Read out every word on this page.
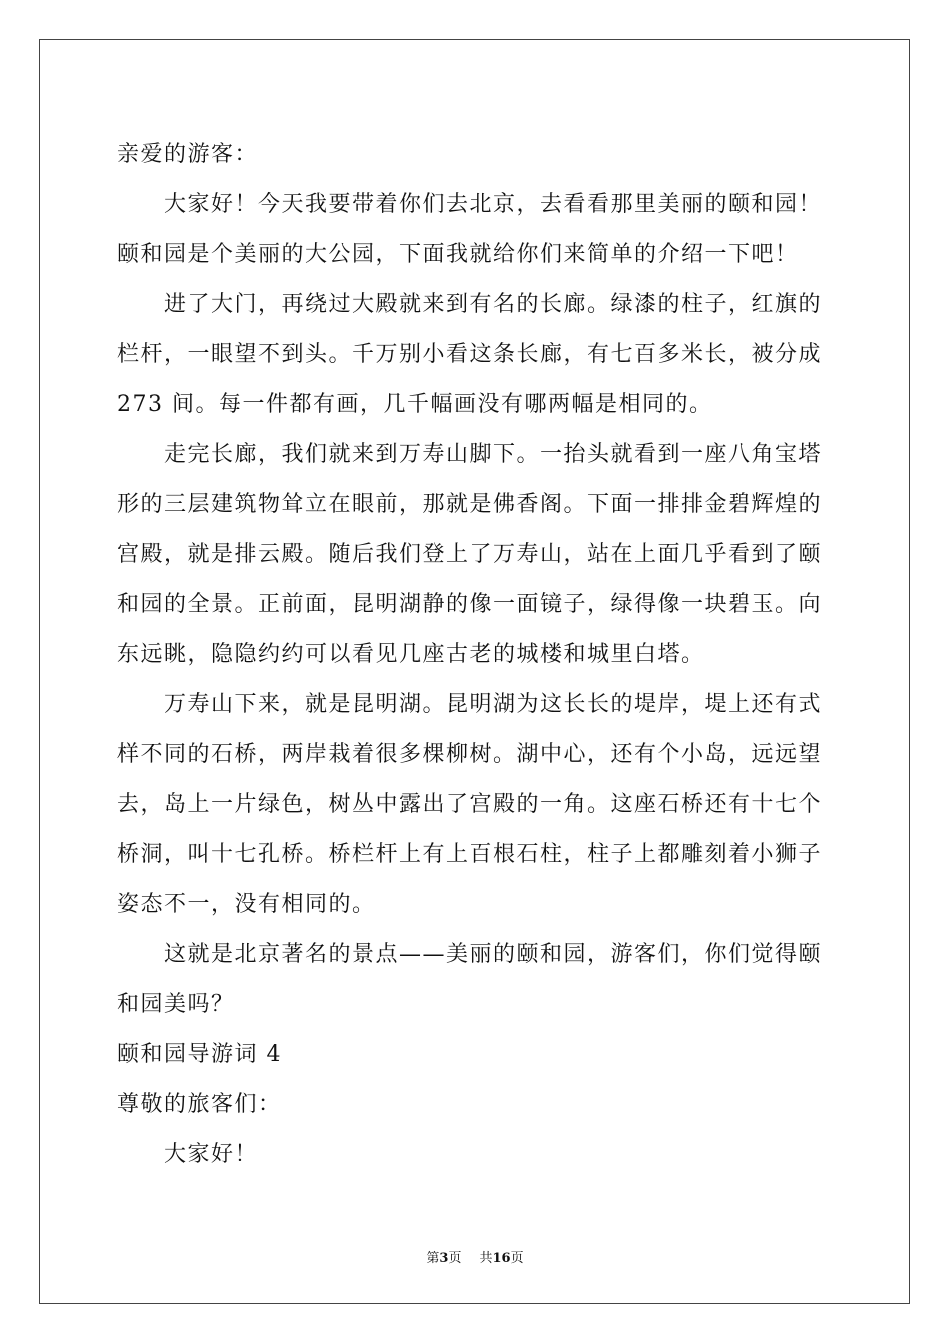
亲爱的游客：
大家好！今天我要带着你们去北京，去看看那里美丽的颐和园！
颐和园是个美丽的大公园，下面我就给你们来简单的介绍一下吧！
进了大门，再绕过大殿就来到有名的长廊。绿漆的柱子，红旗的
栏杆，一眼望不到头。千万别小看这条长廊，有七百多米长，被分成
273 间。每一件都有画，几千幅画没有哪两幅是相同的。
走完长廊，我们就来到万寿山脚下。一抬头就看到一座八角宝塔
形的三层建筑物耸立在眼前，那就是佛香阁。下面一排排金碧辉煌的
宫殿，就是排云殿。随后我们登上了万寿山，站在上面几乎看到了颐
和园的全景。正前面，昆明湖静的像一面镜子，绿得像一块碧玉。向
东远眺，隐隐约约可以看见几座古老的城楼和城里白塔。
万寿山下来，就是昆明湖。昆明湖为这长长的堤岸，堤上还有式
样不同的石桥，两岸栽着很多棵柳树。湖中心，还有个小岛，远远望
去，岛上一片绿色，树丛中露出了宫殿的一角。这座石桥还有十七个
桥洞，叫十七孔桥。桥栏杆上有上百根石柱，柱子上都雕刻着小狮子
姿态不一，没有相同的。
这就是北京著名的景点——美丽的颐和园，游客们，你们觉得颐
和园美吗？
颐和园导游词 4
尊敬的旅客们：
大家好！
第3页 共16页
